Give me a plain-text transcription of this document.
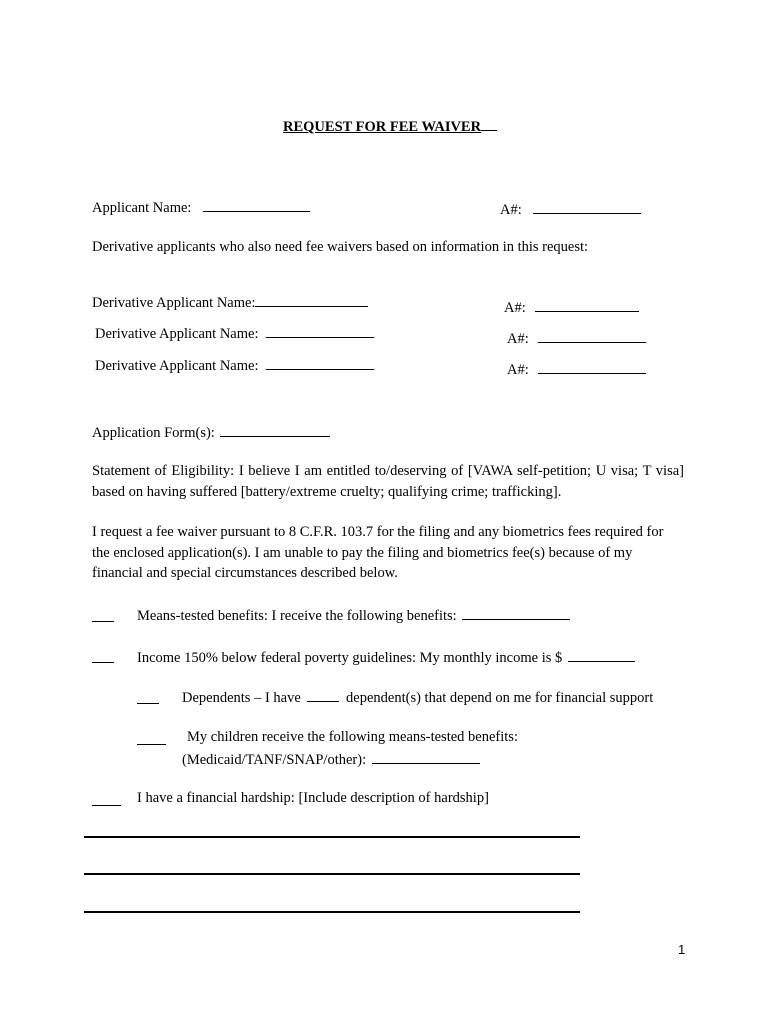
REQUEST FOR FEE WAIVER
Applicant Name:	A#:
Derivative applicants who also need fee waivers based on information in this request:
Derivative Applicant Name:	A#:
Derivative Applicant Name:	A#:
Derivative Applicant Name:	A#:
Application Form(s):
Statement of Eligibility: I believe I am entitled to/deserving of [VAWA self-petition; U visa; T visa] based on having suffered [battery/extreme cruelty; qualifying crime; trafficking].
I request a fee waiver pursuant to 8 C.F.R. 103.7 for the filing and any biometrics fees required for the enclosed application(s). I am unable to pay the filing and biometrics fee(s) because of my financial and special circumstances described below.
Means-tested benefits: I receive the following benefits:
Income 150% below federal poverty guidelines: My monthly income is $
Dependents – I have	dependent(s) that depend on me for financial support
My children receive the following means-tested benefits:
(Medicaid/TANF/SNAP/other):
I have a financial hardship: [Include description of hardship]
1
